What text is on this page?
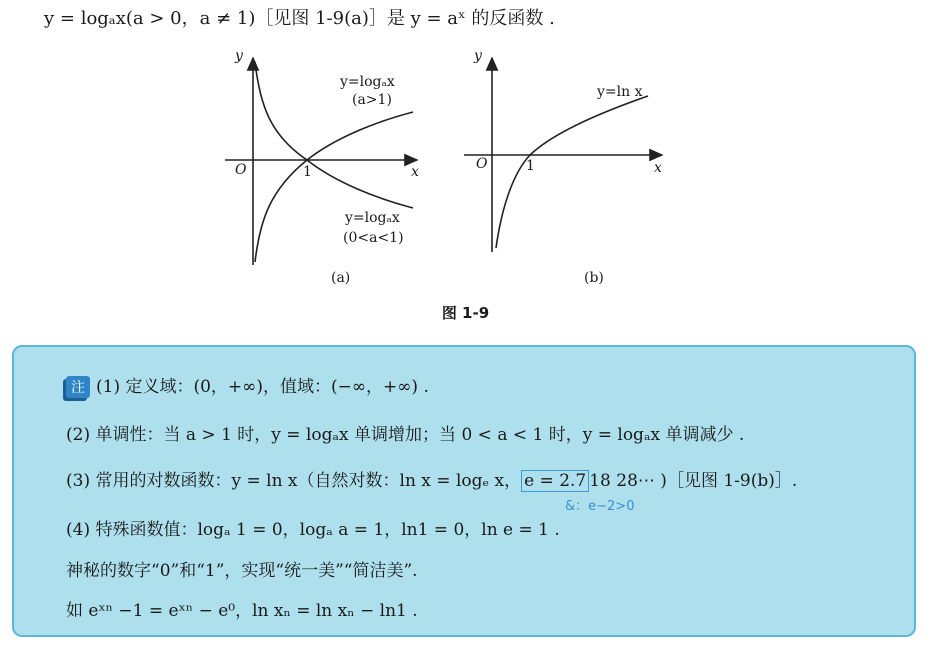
y = logₐx(a > 0，a ≠ 1)［见图 1-9(a)］是 y = aˣ 的反函数 .
y
x
O	1
y=logₐx
(a>1)
y=logₐx
(0<a<1)
(a)
y
x
O	1
y=ln x
(b)
图 1-9
注 (1) 定义域：(0，+∞)，值域：(−∞，+∞) .
(2) 单调性：当 a > 1 时，y = logₐx 单调增加；当 0 < a < 1 时，y = logₐx 单调减少 .
(3) 常用的对数函数：y = ln x（自然对数：ln x = logₑ x， e = 2.7 18 28⋯ )［见图 1-9(b)］.
&：e−2>0
(4) 特殊函数值：logₐ 1 = 0，logₐ a = 1，ln1 = 0，ln e = 1 .
神秘的数字“0”和“1”，实现“统一美”“简洁美”.
如 eˣⁿ −1 = eˣⁿ − e⁰，ln xₙ = ln xₙ − ln1 .
